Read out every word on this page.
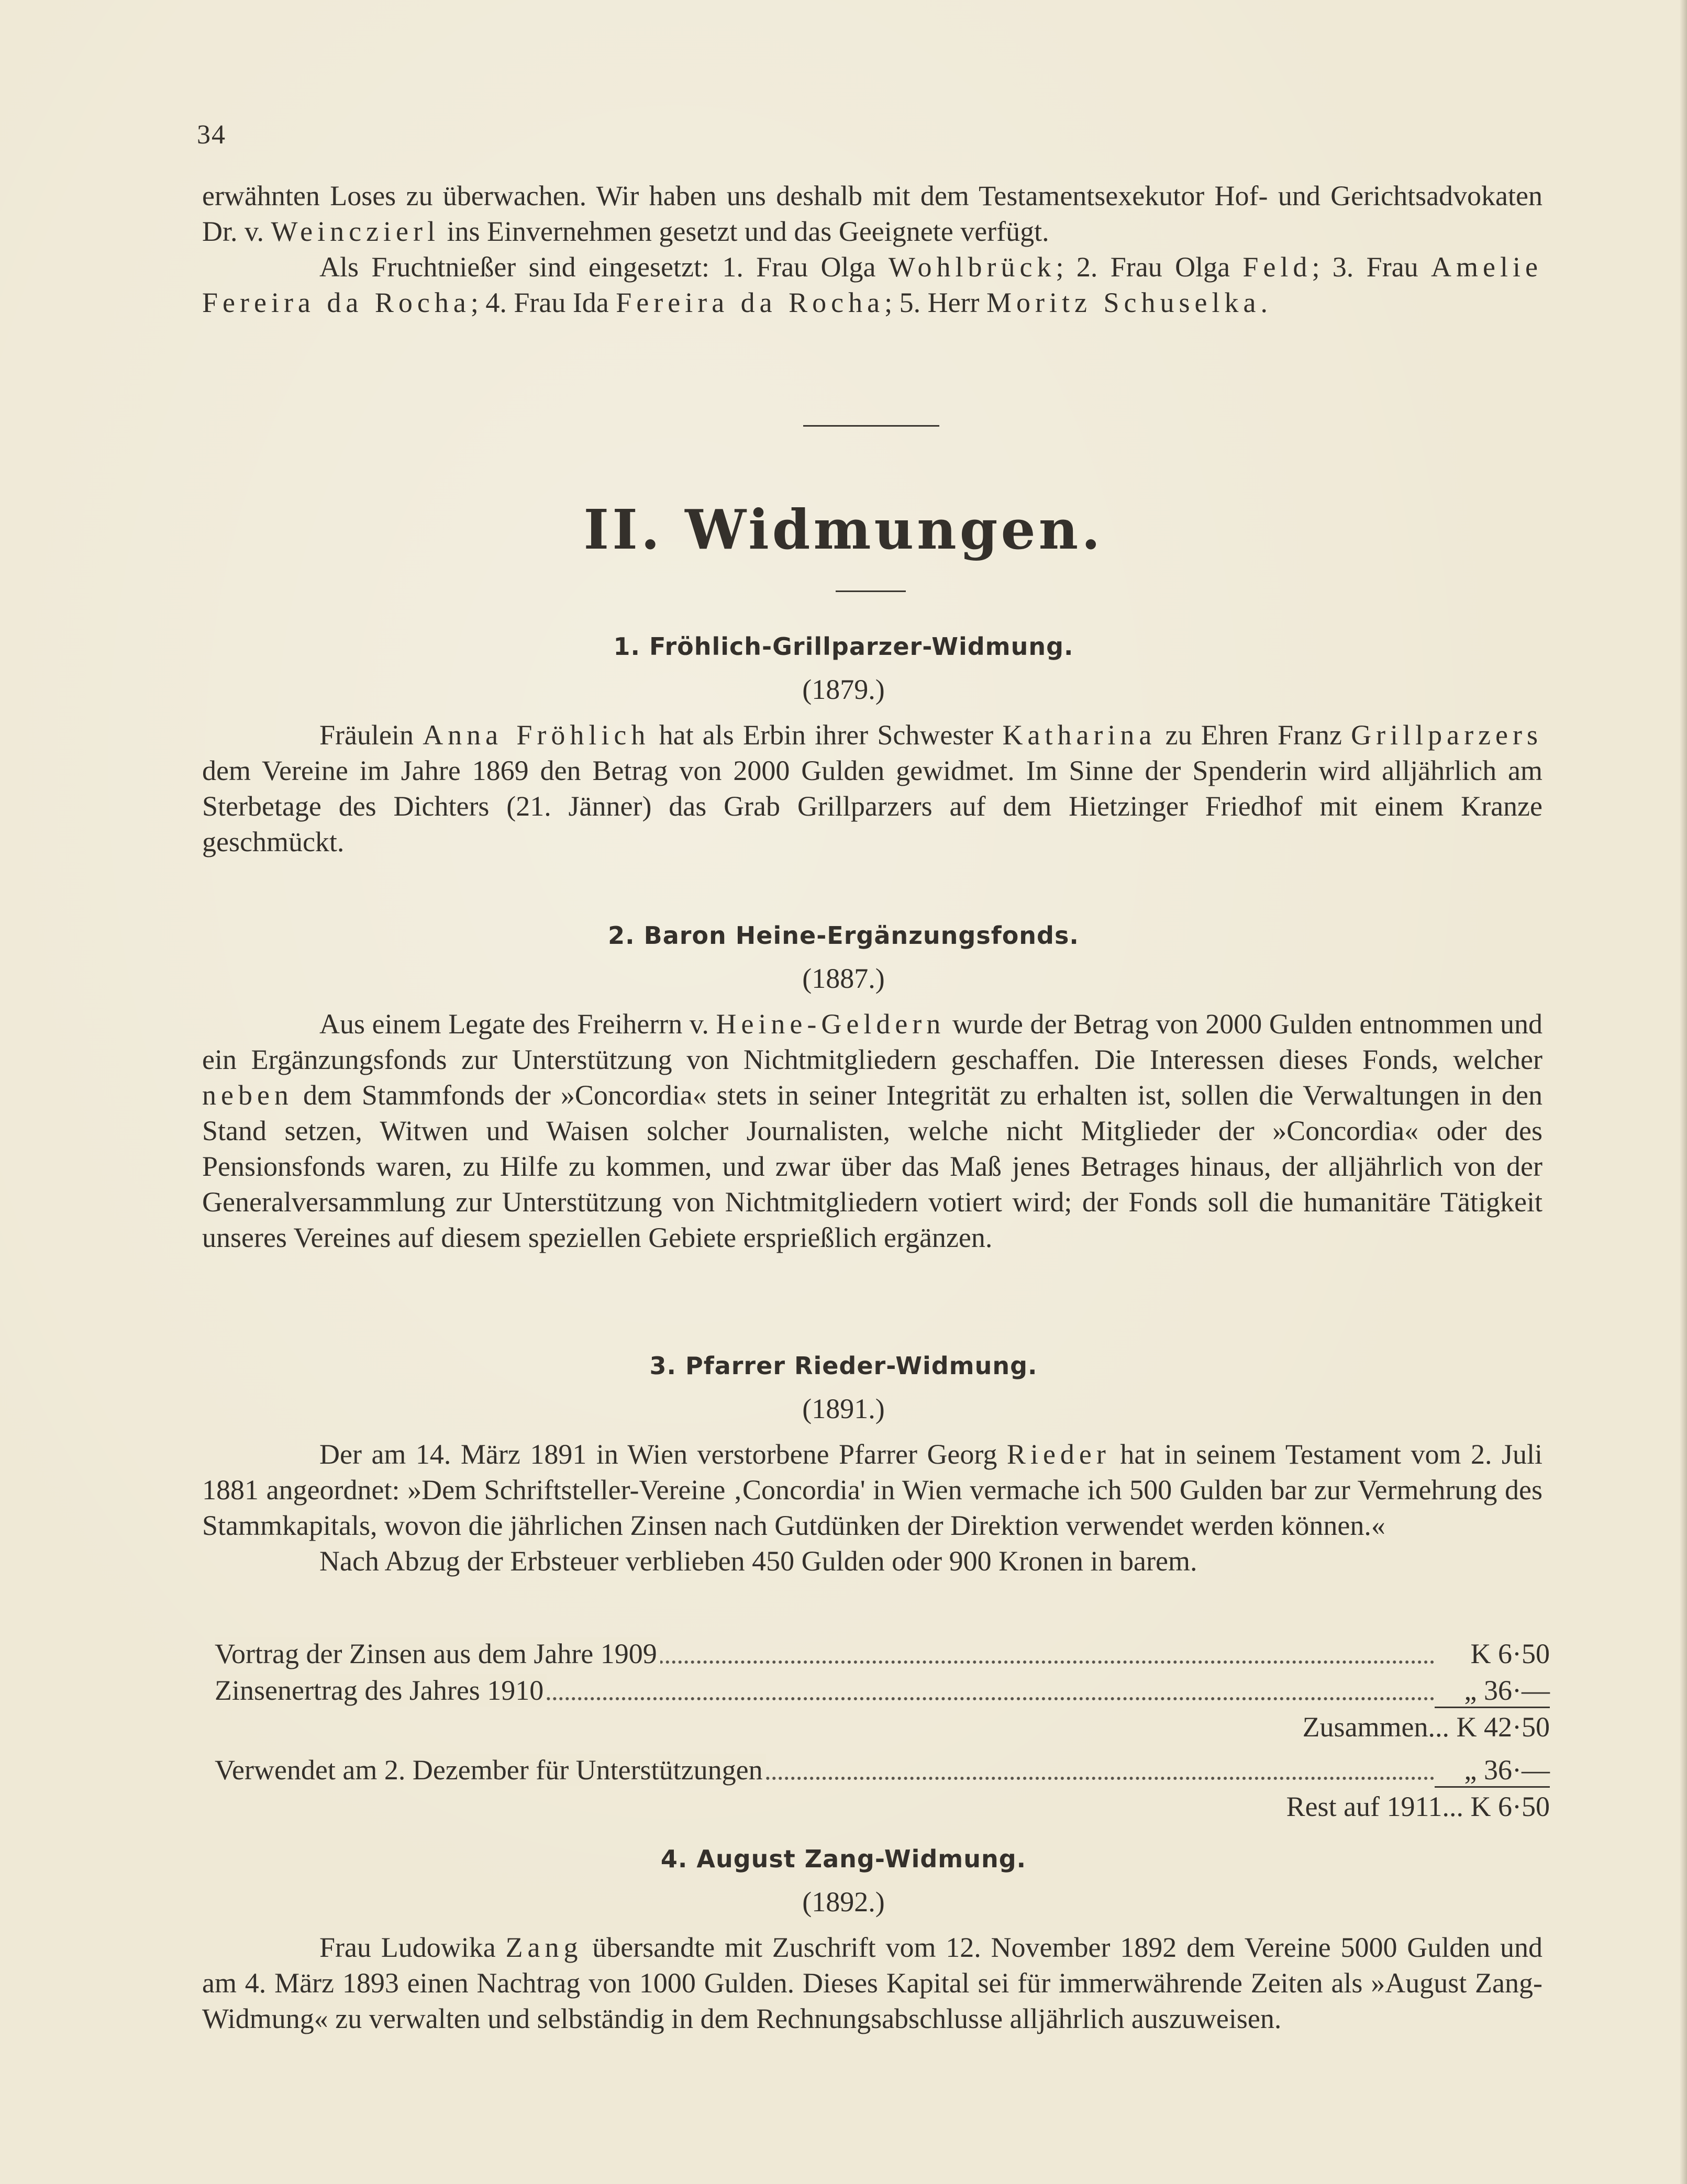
34

erwähnten Loses zu überwachen. Wir haben uns deshalb mit dem Testamentsexekutor Hof- und Gerichtsadvokaten Dr. v. Weinczierl ins Einvernehmen gesetzt und das Geeignete verfügt.

Als Fruchtnießer sind eingesetzt: 1. Frau Olga Wohlbrück; 2. Frau Olga Feld; 3. Frau Amelie Fereira da Rocha; 4. Frau Ida Fereira da Rocha; 5. Herr Moritz Schuselka.

II. Widmungen.
1. Fröhlich-Grillparzer-Widmung.
(1879.)

Fräulein Anna Fröhlich hat als Erbin ihrer Schwester Katharina zu Ehren Franz Grillparzers dem Vereine im Jahre 1869 den Betrag von 2000 Gulden gewidmet. Im Sinne der Spenderin wird alljährlich am Sterbetage des Dichters (21. Jänner) das Grab Grillparzers auf dem Hietzinger Friedhof mit einem Kranze geschmückt.

2. Baron Heine-Ergänzungsfonds.
(1887.)

Aus einem Legate des Freiherrn v. Heine-Geldern wurde der Betrag von 2000 Gulden entnommen und ein Ergänzungsfonds zur Unterstützung von Nichtmitgliedern geschaffen. Die Interessen dieses Fonds, welcher neben dem Stammfonds der »Concordia« stets in seiner Integrität zu erhalten ist, sollen die Verwaltungen in den Stand setzen, Witwen und Waisen solcher Journalisten, welche nicht Mitglieder der »Concordia« oder des Pensionsfonds waren, zu Hilfe zu kommen, und zwar über das Maß jenes Betrages hinaus, der alljährlich von der Generalversammlung zur Unterstützung von Nichtmitgliedern votiert wird; der Fonds soll die humanitäre Tätigkeit unseres Vereines auf diesem speziellen Gebiete ersprießlich ergänzen.

3. Pfarrer Rieder-Widmung.
(1891.)

Der am 14. März 1891 in Wien verstorbene Pfarrer Georg Rieder hat in seinem Testament vom 2. Juli 1881 angeordnet: »Dem Schriftsteller-Vereine ‚Concordia' in Wien vermache ich 500 Gulden bar zur Vermehrung des Stammkapitals, wovon die jährlichen Zinsen nach Gutdünken der Direktion verwendet werden können.«

Nach Abzug der Erbsteuer verblieben 450 Gulden oder 900 Kronen in barem.

Vortrag der Zinsen aus dem Jahre 1909	K 6·50
Zinsenertrag des Jahres 1910	„ 36·—
Zusammen... K 42·50
Verwendet am 2. Dezember für Unterstützungen	„ 36·—
Rest auf 1911... K 6·50
4. August Zang-Widmung.
(1892.)

Frau Ludowika Zang übersandte mit Zuschrift vom 12. November 1892 dem Vereine 5000 Gulden und am 4. März 1893 einen Nachtrag von 1000 Gulden. Dieses Kapital sei für immerwährende Zeiten als »August Zang-Widmung« zu verwalten und selbständig in dem Rechnungsabschlusse alljährlich auszuweisen.
